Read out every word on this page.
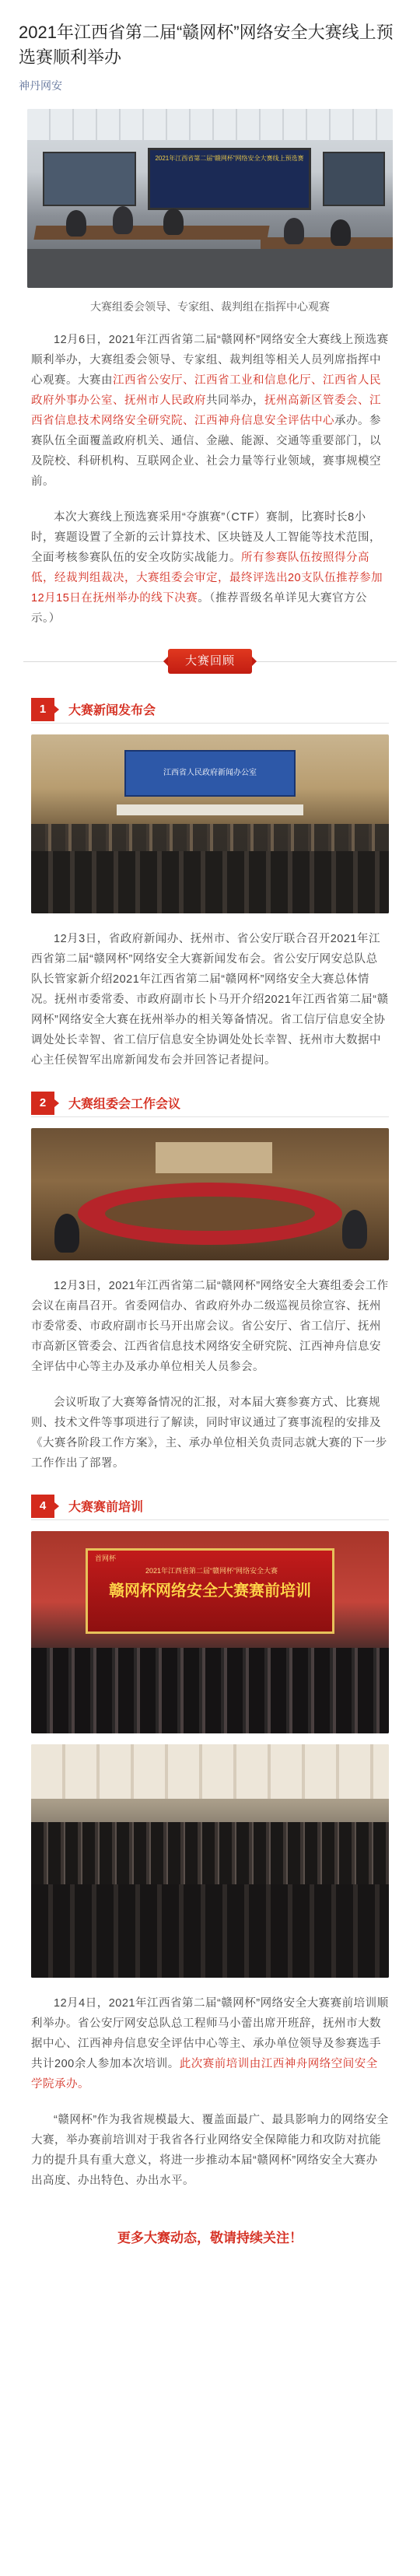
2021年江西省第二届“赣网杯”网络安全大赛线上预选赛顺利举办
神丹网安
2021年江西省第二届“赣网杯”网络安全大赛线上预选赛
大赛组委会领导、专家组、裁判组在指挥中心观赛

12月6日，2021年江西省第二届“赣网杯”网络安全大赛线上预选赛顺利举办，大赛组委会领导、专家组、裁判组等相关人员列席指挥中心观赛。大赛由江西省公安厅、江西省工业和信息化厅、江西省人民政府外事办公室、抚州市人民政府共同举办，抚州高新区管委会、江西省信息技术网络安全研究院、江西神舟信息安全评估中心承办。参赛队伍全面覆盖政府机关、通信、金融、能源、交通等重要部门，以及院校、科研机构、互联网企业、社会力量等行业领域，赛事规模空前。

本次大赛线上预选赛采用“夺旗赛”（CTF）赛制，比赛时长8小时，赛题设置了全新的云计算技术、区块链及人工智能等技术范围，全面考核参赛队伍的安全攻防实战能力。所有参赛队伍按照得分高低，经裁判组裁决，大赛组委会审定，最终评选出20支队伍推荐参加12月15日在抚州举办的线下决赛。（推荐晋级名单详见大赛官方公示。）

大赛回顾
1	大赛新闻发布会
江西省人民政府新闻办公室

12月3日，省政府新闻办、抚州市、省公安厅联合召开2021年江西省第二届“赣网杯”网络安全大赛新闻发布会。省公安厅网安总队总队长管家新介绍2021年江西省第二届“赣网杯”网络安全大赛总体情况。抚州市委常委、市政府副市长卜马开介绍2021年江西省第二届“赣网杯”网络安全大赛在抚州举办的相关筹备情况。省工信厅信息安全协调处处长幸智、省工信厅信息安全协调处处长幸智、抚州市大数据中心主任侯智军出席新闻发布会并回答记者提问。

2	大赛组委会工作会议

12月3日，2021年江西省第二届“赣网杯”网络安全大赛组委会工作会议在南昌召开。省委网信办、省政府外办二级巡视员徐宣容、抚州市委常委、市政府副市长马开出席会议。省公安厅、省工信厅、抚州市高新区管委会、江西省信息技术网络安全研究院、江西神舟信息安全评估中心等主办及承办单位相关人员参会。

会议听取了大赛筹备情况的汇报，对本届大赛参赛方式、比赛规则、技术文件等事项进行了解读，同时审议通过了赛事流程的安排及《大赛各阶段工作方案》，主、承办单位相关负责同志就大赛的下一步工作作出了部署。

4	大赛赛前培训
首网杯
2021年江西省第二届“赣网杯”网络安全大赛
赣网杯网络安全大赛赛前培训

12月4日，2021年江西省第二届“赣网杯”网络安全大赛赛前培训顺利举办。省公安厅网安总队总工程师马小蕾出席开班辞，抚州市大数据中心、江西神舟信息安全评估中心等主、承办单位领导及参赛选手共计200余人参加本次培训。此次赛前培训由江西神舟网络空间安全学院承办。

“赣网杯”作为我省规模最大、覆盖面最广、最具影响力的网络安全大赛，举办赛前培训对于我省各行业网络安全保障能力和攻防对抗能力的提升具有重大意义，将进一步推动本届“赣网杯”网络安全大赛办出高度、办出特色、办出水平。

更多大赛动态，敬请持续关注！
